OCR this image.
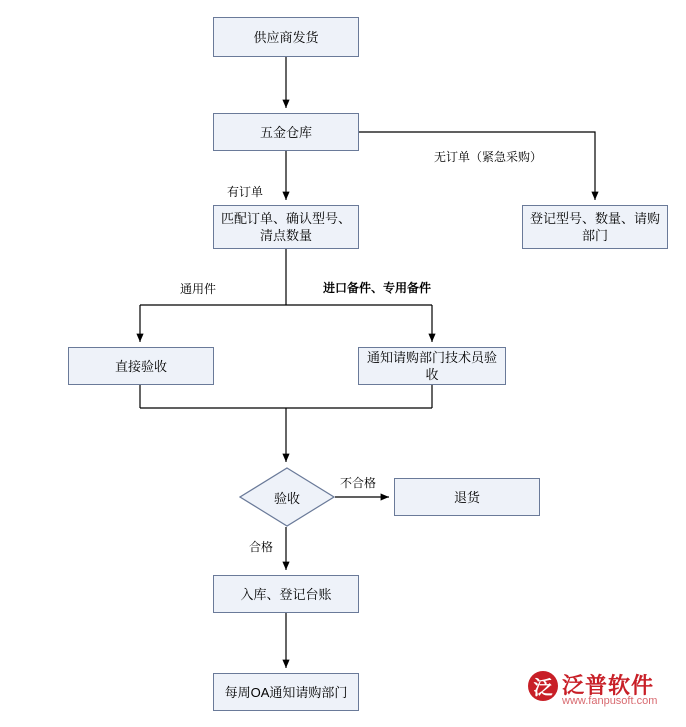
供应商发货
五金仓库
匹配订单、确认型号、清点数量
登记型号、数量、请购部门
直接验收
通知请购部门技术员验收
验收	退货
入库、登记台账
每周OA通知请购部门
无订单（紧急采购）
有订单
通用件	进口备件、专用备件
不合格
合格
泛 泛普软件
www.fanpusoft.com
